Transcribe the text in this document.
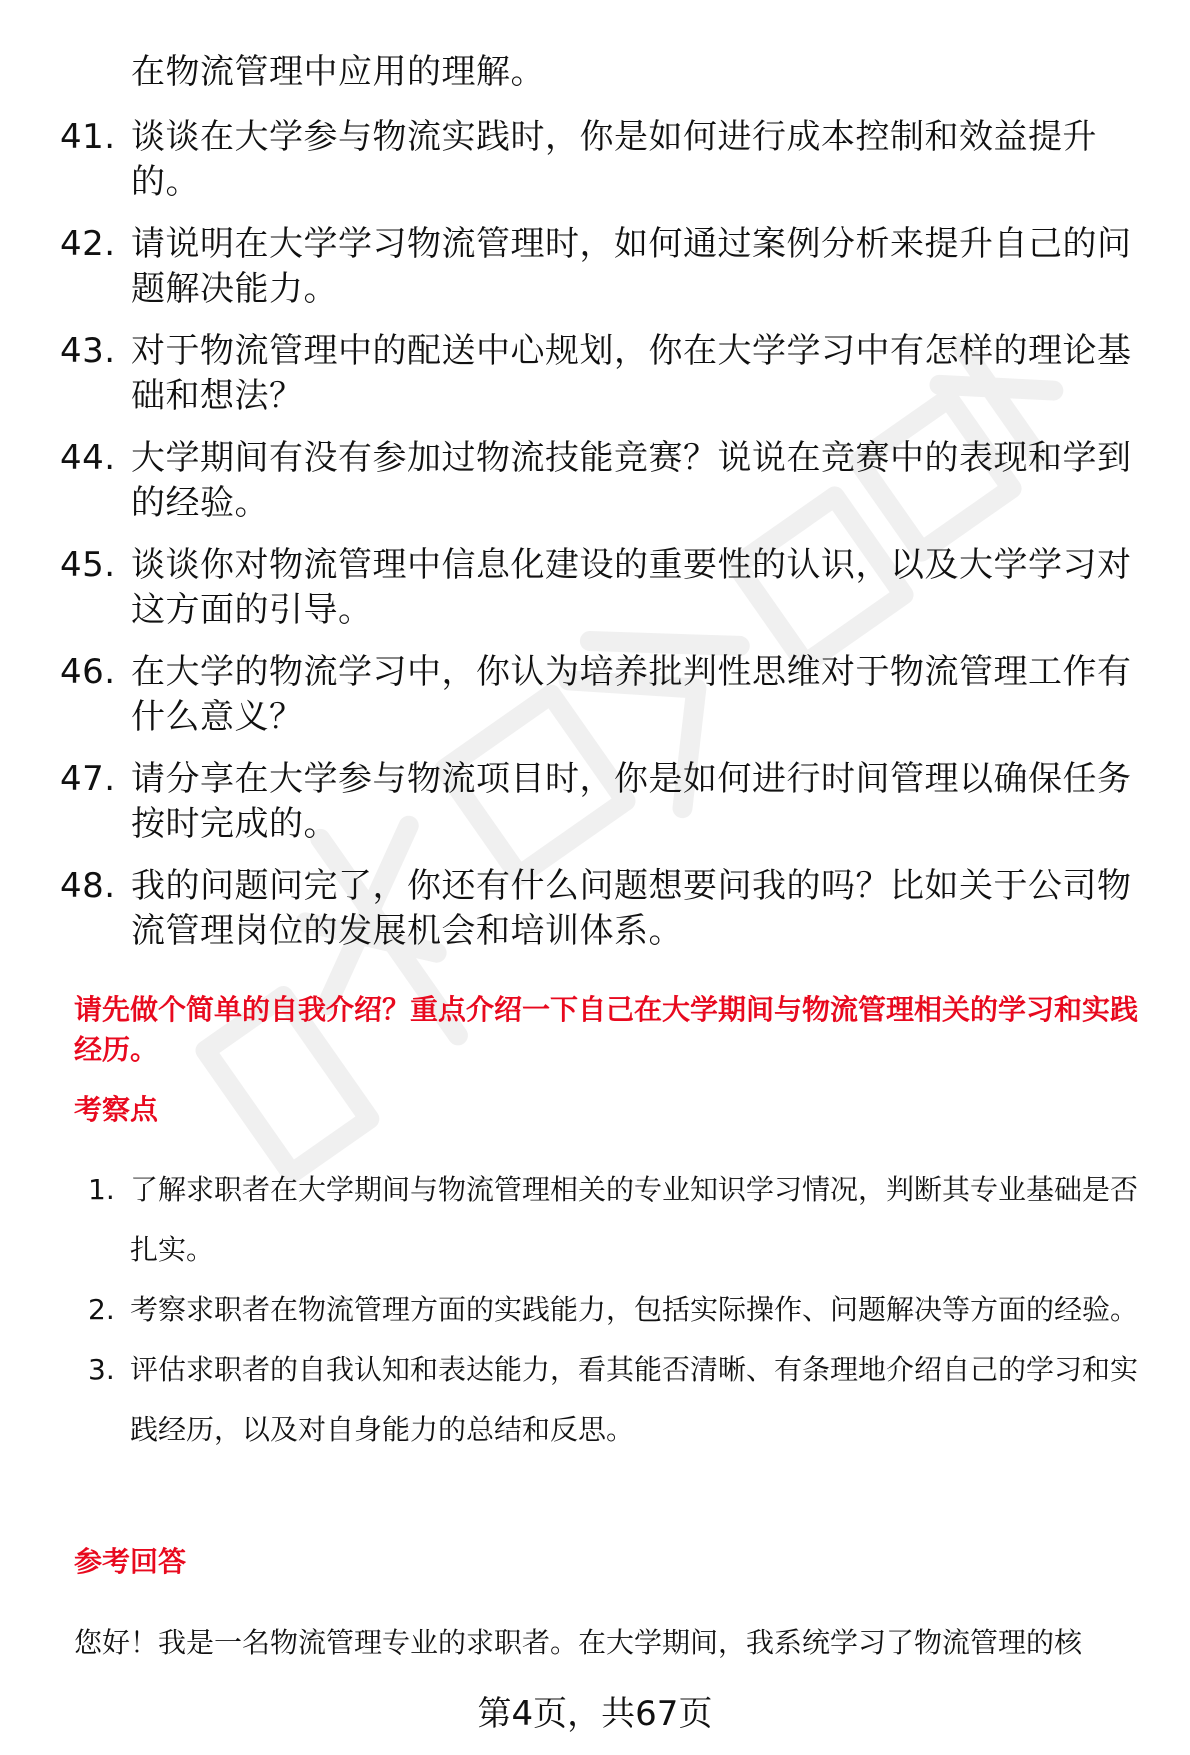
在物流管理中应用的理解。
41. 谈谈在大学参与物流实践时，你是如何进行成本控制和效益提升的。
42. 请说明在大学学习物流管理时，如何通过案例分析来提升自己的问题解决能力。
43. 对于物流管理中的配送中心规划，你在大学学习中有怎样的理论基础和想法？
44. 大学期间有没有参加过物流技能竞赛？说说在竞赛中的表现和学到的经验。
45. 谈谈你对物流管理中信息化建设的重要性的认识，以及大学学习对这方面的引导。
46. 在大学的物流学习中，你认为培养批判性思维对于物流管理工作有什么意义？
47. 请分享在大学参与物流项目时，你是如何进行时间管理以确保任务按时完成的。
48. 我的问题问完了，你还有什么问题想要问我的吗？比如关于公司物流管理岗位的发展机会和培训体系。
请先做个简单的自我介绍？重点介绍一下自己在大学期间与物流管理相关的学习和实践经历。
考察点
1. 了解求职者在大学期间与物流管理相关的专业知识学习情况，判断其专业基础是否扎实。
2. 考察求职者在物流管理方面的实践能力，包括实际操作、问题解决等方面的经验。
3. 评估求职者的自我认知和表达能力，看其能否清晰、有条理地介绍自己的学习和实践经历，以及对自身能力的总结和反思。
参考回答
您好！我是一名物流管理专业的求职者。在大学期间，我系统学习了物流管理的核
第4页，共67页
